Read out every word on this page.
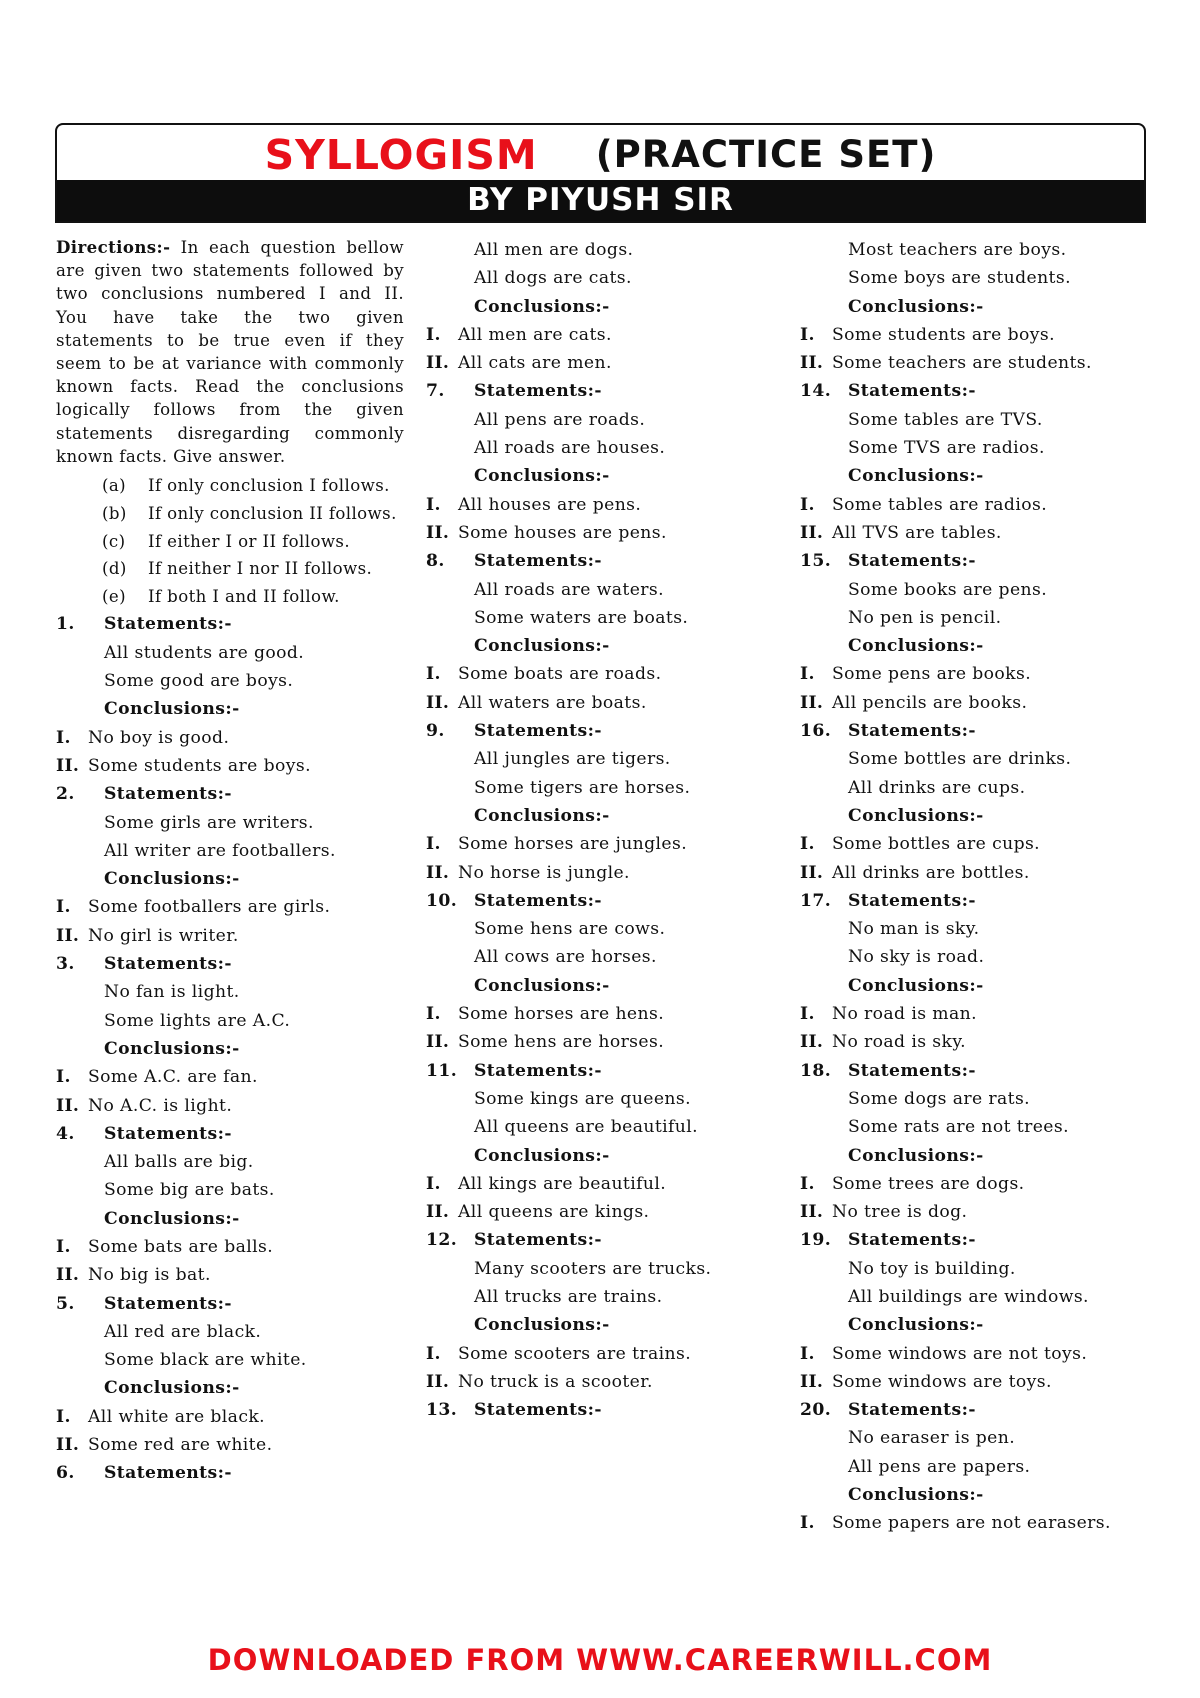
SYLLOGISM (PRACTICE SET)
BY PIYUSH SIR
Directions:- In each question bellow are given two statements followed by two conclusions numbered I and II. You have take the two given statements to be true even if they seem to be at variance with commonly known facts. Read the conclusions logically follows from the given statements disregarding commonly known facts. Give answer.
(a)	If only conclusion I follows.
(b)	If only conclusion II follows.
(c)	If either I or II follows.
(d)	If neither I nor II follows.
(e)	If both I and II follow.
1.	Statements:-
All students are good.
Some good are boys.
Conclusions:-
I. No boy is good.
II. Some students are boys.
2.	Statements:-
Some girls are writers.
All writer are footballers.
Conclusions:-
I. Some footballers are girls.
II. No girl is writer.
3.	Statements:-
No fan is light.
Some lights are A.C.
Conclusions:-
I. Some A.C. are fan.
II. No A.C. is light.
4.	Statements:-
All balls are big.
Some big are bats.
Conclusions:-
I. Some bats are balls.
II. No big is bat.
5.	Statements:-
All red are black.
Some black are white.
Conclusions:-
I. All white are black.
II. Some red are white.
6.	Statements:-
All men are dogs.
All dogs are cats.
Conclusions:-
I. All men are cats.
II. All cats are men.
7.	Statements:-
All pens are roads.
All roads are houses.
Conclusions:-
I. All houses are pens.
II. Some houses are pens.
8.	Statements:-
All roads are waters.
Some waters are boats.
Conclusions:-
I. Some boats are roads.
II. All waters are boats.
9.	Statements:-
All jungles are tigers.
Some tigers are horses.
Conclusions:-
I. Some horses are jungles.
II. No horse is jungle.
10. Statements:-
Some hens are cows.
All cows are horses.
Conclusions:-
I. Some horses are hens.
II. Some hens are horses.
11. Statements:-
Some kings are queens.
All queens are beautiful.
Conclusions:-
I. All kings are beautiful.
II. All queens are kings.
12. Statements:-
Many scooters are trucks.
All trucks are trains.
Conclusions:-
I. Some scooters are trains.
II. No truck is a scooter.
13. Statements:-
Most teachers are boys.
Some boys are students.
Conclusions:-
I. Some students are boys.
II. Some teachers are students.
14. Statements:-
Some tables are TVS.
Some TVS are radios.
Conclusions:-
I. Some tables are radios.
II. All TVS are tables.
15. Statements:-
Some books are pens.
No pen is pencil.
Conclusions:-
I. Some pens are books.
II. All pencils are books.
16. Statements:-
Some bottles are drinks.
All drinks are cups.
Conclusions:-
I. Some bottles are cups.
II. All drinks are bottles.
17. Statements:-
No man is sky.
No sky is road.
Conclusions:-
I. No road is man.
II. No road is sky.
18. Statements:-
Some dogs are rats.
Some rats are not trees.
Conclusions:-
I. Some trees are dogs.
II. No tree is dog.
19. Statements:-
No toy is building.
All buildings are windows.
Conclusions:-
I. Some windows are not toys.
II. Some windows are toys.
20. Statements:-
No earaser is pen.
All pens are papers.
Conclusions:-
I. Some papers are not earasers.
DOWNLOADED FROM WWW.CAREERWILL.COM
